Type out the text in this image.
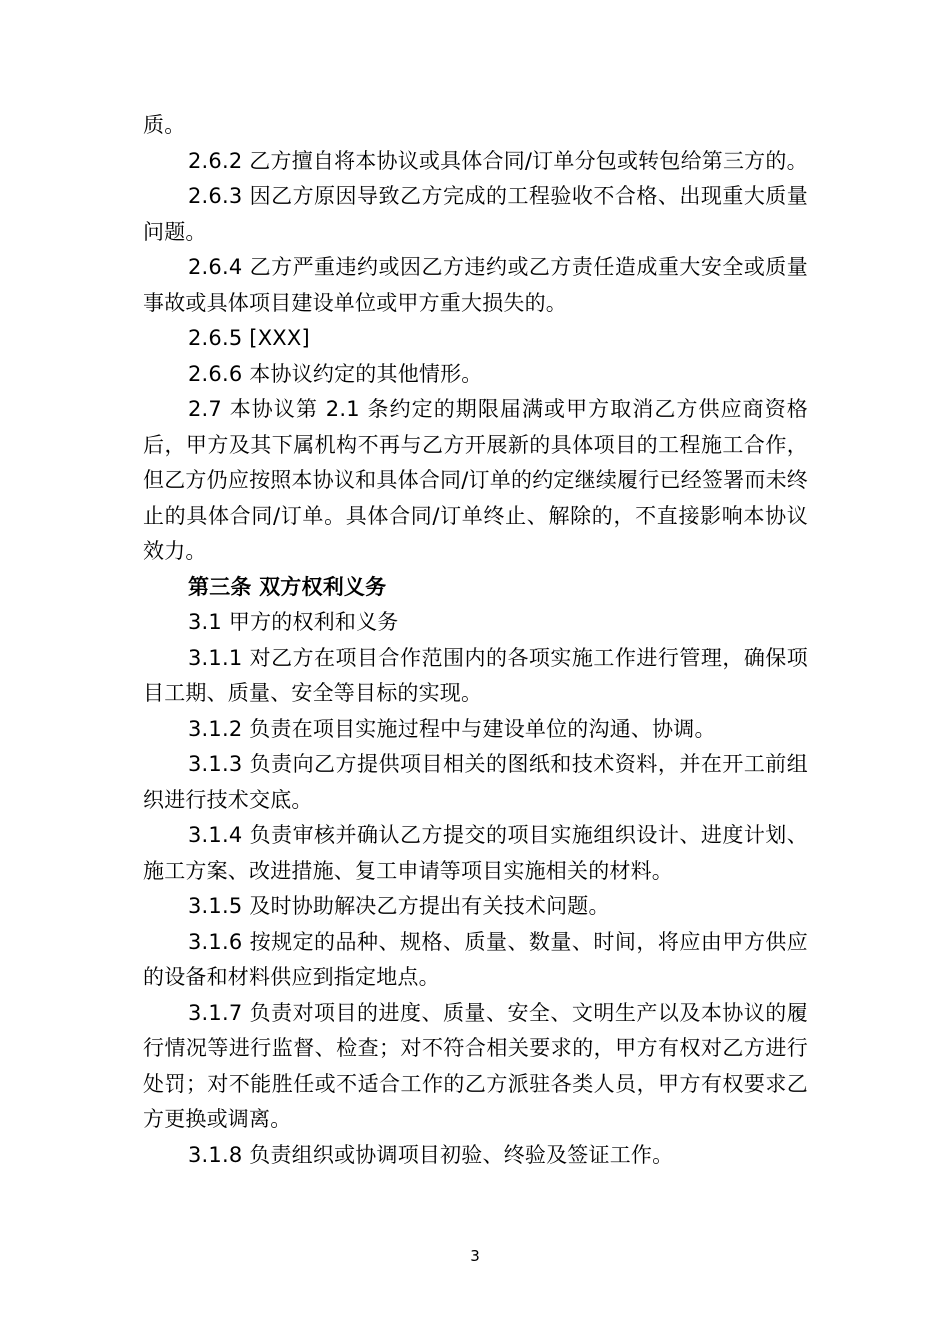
质。

2.6.2 乙方擅自将本协议或具体合同/订单分包或转包给第三方的。

2.6.3 因乙方原因导致乙方完成的工程验收不合格、出现重大质量问题。

2.6.4 乙方严重违约或因乙方违约或乙方责任造成重大安全或质量事故或具体项目建设单位或甲方重大损失的。

2.6.5 [XXX]

2.6.6 本协议约定的其他情形。

2.7 本协议第 2.1 条约定的期限届满或甲方取消乙方供应商资格后，甲方及其下属机构不再与乙方开展新的具体项目的工程施工合作，但乙方仍应按照本协议和具体合同/订单的约定继续履行已经签署而未终止的具体合同/订单。具体合同/订单终止、解除的，不直接影响本协议效力。

第三条 双方权利义务

3.1 甲方的权利和义务

3.1.1 对乙方在项目合作范围内的各项实施工作进行管理，确保项目工期、质量、安全等目标的实现。

3.1.2 负责在项目实施过程中与建设单位的沟通、协调。

3.1.3 负责向乙方提供项目相关的图纸和技术资料，并在开工前组织进行技术交底。

3.1.4 负责审核并确认乙方提交的项目实施组织设计、进度计划、施工方案、改进措施、复工申请等项目实施相关的材料。

3.1.5 及时协助解决乙方提出有关技术问题。

3.1.6 按规定的品种、规格、质量、数量、时间，将应由甲方供应的设备和材料供应到指定地点。

3.1.7 负责对项目的进度、质量、安全、文明生产以及本协议的履行情况等进行监督、检查；对不符合相关要求的，甲方有权对乙方进行处罚；对不能胜任或不适合工作的乙方派驻各类人员，甲方有权要求乙方更换或调离。

3.1.8 负责组织或协调项目初验、终验及签证工作。

3
